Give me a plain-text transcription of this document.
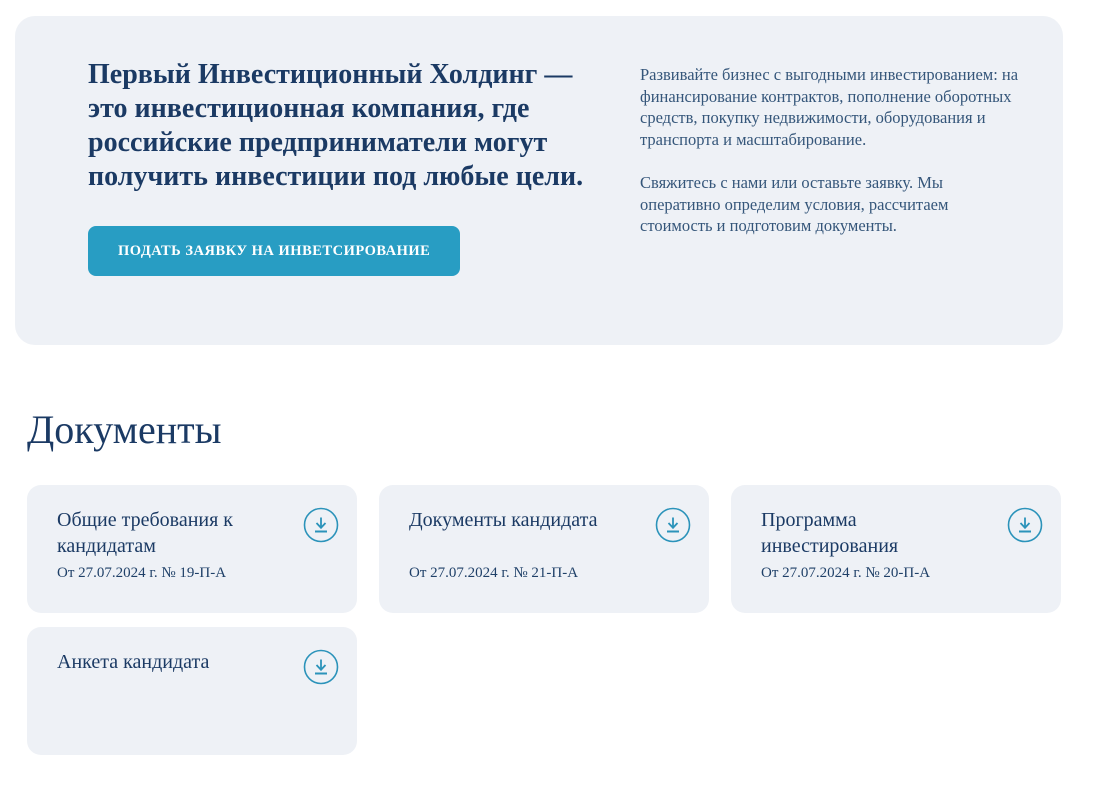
Первый Инвестиционный Холдинг — это инвестиционная компания, где российские предприниматели могут получить инвестиции под любые цели.
ПОДАТЬ ЗАЯВКУ НА ИНВЕТСИРОВАНИЕ

Развивайте бизнес с выгодными инвестированием: на финансирование контрактов, пополнение оборотных средств, покупку недвижимости, оборудования и транспорта и масштабирование.

Свяжитесь с нами или оставьте заявку. Мы оперативно определим условия, рассчитаем стоимость и подготовим документы.

Документы
Общие требования к кандидатам
От 27.07.2024 г. № 19-П-А
Документы кандидата
От 27.07.2024 г. № 21-П-А
Программа инвестирования
От 27.07.2024 г. № 20-П-А
Анкета кандидата
